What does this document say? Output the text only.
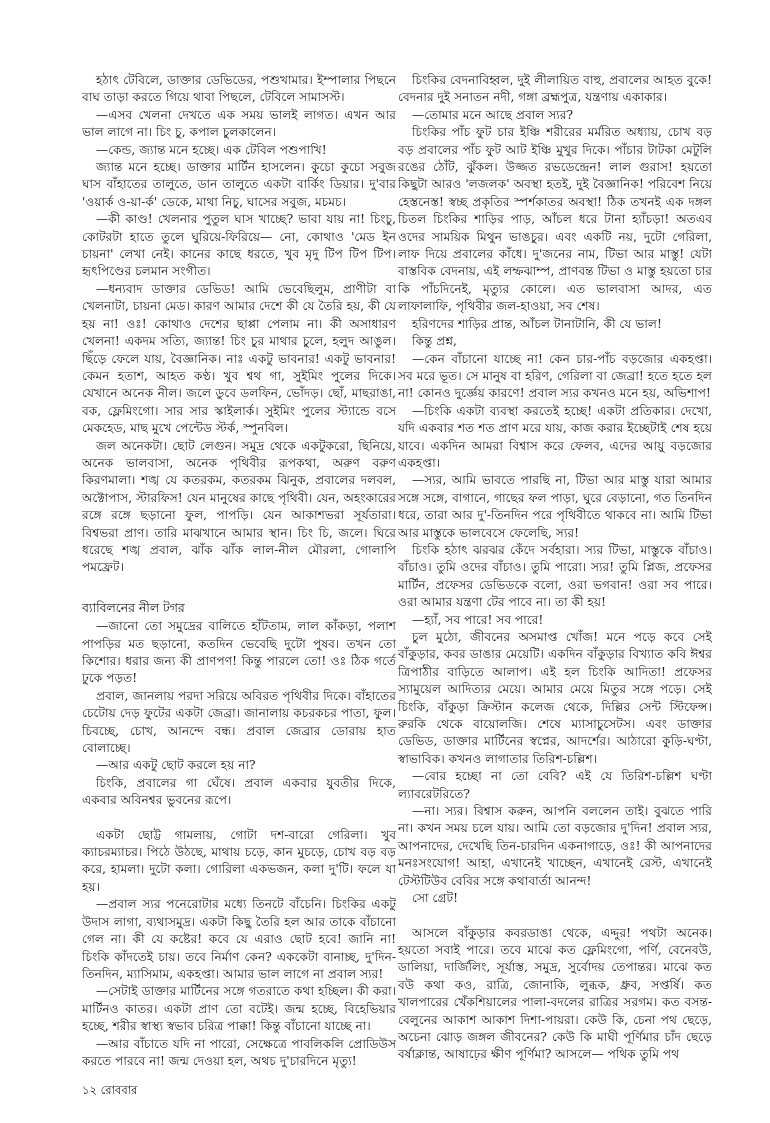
হঠাৎ টেবিলে, ডাক্তার ডেভিডের, পশুখামার। ইম্পালার পিছনে বাঘ তাড়া করতে গিয়ে থাবা পিছলে, টেবিলে সামাসস্ট।

—এসব খেলনা দেখতে এক সময় ভালই লাগত। এখন আর ভাল লাগে না। চিং চু, কপাল চুলকালেন।

—কেন্ড, জ্যান্ত মনে হচ্ছে। এক টেবিল পশুপাখি!

জ্যান্ত মনে হচ্ছে। ডাক্তার মার্টিন হাসলেন। কুচো কুচো সবুজ ঘাস বাঁহাতের তালুতে, ডান তালুতে একটা বার্কিং ডিয়ার। দু'বার 'ওয়ার্ক ও-য়া-র্ক' ডেকে, মাথা নিচু, ঘাসের সবুজ, মচমচ।

—কী কাণ্ড! খেলনার পুতুল ঘাস খাচ্ছে? ভাবা যায় না! চিংচু, কোটরটা হাতে তুলে ঘুরিয়ে-ফিরিয়ে— নো, কোথাও 'মেড ইন চায়না' লেখা নেই। কানের কাছে ধরতে, খুব মৃদু টিপ টিপ টিপ। হৃৎপিণ্ডের চলমান সংগীত।

—ধন্যবাদ ডাক্তার ডেভিড! আমি ভেবেছিলুম, প্রাণীটা বা খেলনাটা, চায়না মেড। কারণ আমার দেশে কী যে তৈরি হয়, কী যে হয় না! ওঃ! কোথাও দেশের ছাপ্পা পেলাম না। কী অসাধারণ খেলনা! একদম সত্যি, জ্যান্ত! চিং চুর মাথার চুলে, হলুদ আঙুল। ছিঁড়ে ফেলে যায়, বৈজ্ঞানিক। নাঃ একটু ভাবনার! একটু ভাবনার! কেমন হতাশ, আহত কণ্ঠ। খুব শ্বথ গা, সুইমিং পুলের দিকে। যেখানে অনেক নীল। জলে ডুবে ডলফিন, ভোঁদড়। ছোঁ, মাছরাঙা, বক, ফ্লেমিংগো। সার সার স্কাইলার্ক। সুইমিং পুলের স্ট্যান্ডে বসে মেকহেড, মাছ মুখে পেন্টেড স্টর্ক, স্পুনবিল।

জল অনেকটা। ছোট লেগুন। সমুদ্র থেকে একটুকরো, ছিনিয়ে, অনেক ভালবাসা, অনেক পৃথিবীর রূপকথা, অরুণ বরুণ কিরণমালা। শঙ্খ যে কতরকম, কতরকম ঝিনুক, প্রবালের দলবল, অক্টোপাস, স্টারফিস! যেন মানুষের কাছে পৃথিবী। যেন, অহংকারের রঙ্গে রঙ্গে ছড়ানো ফুল, পাপড়ি। যেন আকাশভরা সূর্যতারা। বিশ্বভরা প্রাণ। তারি মাঝখানে আমার স্থান। চিং চি, জলে। ঘিরে ধরেছে শঙ্খ প্রবাল, ঝাঁক ঝাঁক লাল-নীল মৌরলা, গোলাপি পমফ্রেট।

ব্যাবিলনের নীল টগর

—জানো তো সমুদ্রের বালিতে হাঁটতাম, লাল কাঁকড়া, পলাশ পাপড়ির মত ছড়ানো, কতদিন ভেবেছি দুটো পুষব। তখন তো কিশোর। ধরার জন্য কী প্রাণপণ! কিন্তু পারলে তো! ওঃ ঠিক গর্তে ঢুকে পড়ত!

প্রবাল, জানলায় পরদা সরিয়ে অবিরত পৃথিবীর দিকে। বাঁহাতের চেটোয় দেড় ফুটের একটা জেব্রা। জানালায় কচরকচর পাতা, ফুল। চিবচ্ছে, চোখ, আনন্দে বন্ধ। প্রবাল জেব্রার ডোরায় হাত বোলাচ্ছে।

—আর একটু ছোট করলে হয় না?

চিংকি, প্রবালের গা ঘেঁষে। প্রবাল একবার যুবতীর দিকে, একবার অবিনশ্বর ভুবনের রূপে।

একটা ছোট্ট গামলায়, গোটা দশ-বারো গেরিলা। খুব ক্যাচরম্যাচর। পিঠে উঠছে, মাথায় চড়ে, কান মুচড়ে, চোখ বড় বড় করে, হামলা। দুটো কলা। গোরিলা একভজন, কলা দু'টি। ফলে যা হয়।

—প্রবাল স্যর পনেরোটার মধ্যে তিনটে বাঁচেনি। চিংকির একটু উদাস লাগা, ব্যথাসমুদ্র। একটা কিছু তৈরি হল আর তাকে বাঁচানো গেল না। কী যে কষ্টের! কবে যে এরাও ছোট হবে! জানি না! চিংকি কাঁদতেই চায়। তবে নির্মাণ কেন? এককেটা বানাচ্ছ, দু'দিন-তিনদিন, ম্যাসিমাম, একহপ্তা। আমার ভাল লাগে না প্রবাল স্যর!

—সেটাই ডাক্তার মার্টিনের সঙ্গে গতরাতে কথা হচ্ছিল। কী করা। মার্টিনও কাতর। একটা প্রাণ তো বটেই। জন্ম হচ্ছে, বিহেভিয়ার হচ্ছে, শরীর স্বাস্থ্য স্বভাব চরিত্র পাক্কা! কিন্তু বাঁচানো যাচ্ছে না।

—আর বাঁচাতে যদি না পারো, সেক্ষেত্রে পাবলিকলি প্রোডিউস করতে পারবে না! জন্ম দেওয়া হল, অথচ দু'চারদিনে মৃত্যু!

চিংকির বেদনাবিহ্বল, দুই লীলায়িত বাহু, প্রবালের আহত বুকে! বেদনার দুই সনাতন নদী, গঙ্গা ব্রহ্মপুত্র, যন্ত্রণায় একাকার।

—তোমার মনে আছে প্রবাল স্যর?

চিংকির পাঁচ ফুট চার ইঞ্চি শরীরের মর্মরিত অধ্যায়, চোখ বড় বড় প্রবালের পাঁচ ফুট আট ইঞ্চি মুখুর দিকে। পাঁচার টাটকা মেটুলি রঙের ঠোঁট, ঝুঁকল। উজ্জত রভডেন্দ্রেন! লাল গুরাস! হয়তো কিছুটা আরও 'লজলক' অবস্থা হতই, দুই বৈজ্ঞানিক! পরিবেশ নিয়ে হেস্তনেস্ত! স্বচ্ছ প্রকৃতির স্পর্শকাতর অবস্থা! ঠিক তখনই এক দঙ্গল চিতল চিংকির শাড়ির পাড়, আঁচল ধরে টানা হ্যাঁচড়া! অতএব ওদের সাময়িক মিথুন ভাঙচুর। এবং একটি নয়, দুটো গেরিলা, লাফ দিয়ে প্রবালের কাঁধে। দু'জনের নাম, টিভা আর মাস্তু! যেটা বাস্তবিক বেদনায়, এই লম্ফঝাম্প, প্রাণবন্ত টিভা ও মাস্তু হয়তো চার কি পাঁচদিনেই, মৃত্যুর কোলে। এত ভালবাসা আদর, এত লাফালাফি, পৃথিবীর জল-হাওয়া, সব শেষ।

হরিণদের শাড়ির প্রান্ত, আঁচল টানাটানি, কী যে ভাল!

কিন্তু প্রশ্ন,

—কেন বাঁচানো যাচ্ছে না! কেন চার-পাঁচ বড়জোর একহপ্তা। সব মরে ভূত। সে মানুষ বা হরিণ, গেরিলা বা জেব্রা! হতে হতে হল না! কোনও দুর্জ্ঞেয় কারণে! প্রবাল স্যর কখনও মনে হয়, অভিশাপ!

—চিংকি একটা ব্যবস্থা করতেই হচ্ছে! একটা প্রতিকার। দেখো, যদি একবার শত শত প্রাণ মরে যায়, কাজ করার ইচ্ছেটাই শেষ হয়ে যাবে। একদিন আমরা বিশ্বাস করে ফেলব, এদের আয়ু বড়জোর একহপ্তা।

—স্যর, আমি ভাবতে পারছি না, টিভা আর মাস্তু যারা আমার সঙ্গে সঙ্গে, বাগানে, গাছের ফল পাড়া, ঘুরে বেড়ানো, গত তিনদিন ধরে, তারা আর দু'-তিনদিন পরে পৃথিবীতে থাকবে না। আমি টিভা আর মাস্তুকে ভালবেসে ফেলেছি, স্যর!

চিংকি হঠাৎ ঝরঝর কেঁদে সর্বহারা। স্যর টিভা, মাস্তুকে বাঁচাও। বাঁচাও। তুমি ওদের বাঁচাও। তুমি পারো। স্যর! তুমি প্লিজ, প্রফেসর মার্টিন, প্রফেসর ডেভিডকে বলো, ওরা ভগবান! ওরা সব পারে। ওরা আমার যন্ত্রণা টের পাবে না। তা কী হয়!

—হ্যাঁ, সব পারে! সব পারে!

চুল মুঠো, জীবনের অসমাপ্ত খোঁজ! মনে পড়ে কবে সেই বাঁকুড়ার, কবর ডাঙার মেয়েটি। একদিন বাঁকুড়ার বিখ্যাত কবি ঈশ্বর ত্রিপাঠীর বাড়িতে আলাপ। এই হল চিংকি আদিতা! প্রফেসর স্যামুয়েল আদিত্যর মেয়ে। আমার মেয়ে মিতুর সঙ্গে পড়ে। সেই চিংকি, বাঁকুড়া ক্রিস্টান কলেজ থেকে, দিল্লির সেন্ট স্টিফেন্স। রুরকি থেকে বায়োলজি। শেষে ম্যাসাচুসেটস। এবং ডাক্তার ডেভিড, ডাক্তার মার্টিনের স্বপ্নের, আদর্শের। আঠারো কুড়ি-ঘণ্টা, স্বাভাবিক। কখনও লাগাতার তিরিশ-চল্লিশ।

—বোর হচ্ছো না তো বেবি? এই যে তিরিশ-চল্লিশ ঘণ্টা ল্যাবরেটরিতে?

—না। স্যর। বিশ্বাস করুন, আপনি বললেন তাই। বুঝতে পারি না। কখন সময় চলে যায়। আমি তো বড়জোর দু'দিন! প্রবাল স্যর, আপনাদের, দেখেছি তিন-চারদিন একনাগাড়ে, ওঃ! কী আপনাদের মনঃসংযোগ! আহা, এখানেই খাচ্ছেন, এখানেই রেস্ট, এখানেই টেস্টটিউব বেবির সঙ্গে কথাবার্তা আনন্দ!

সো গ্রেট!

আসলে বাঁকুড়ার কবরডাঙা থেকে, এদ্দুর! পথটা অনেক। হয়তো সবাই পারে। তবে মাঝে কত ফ্লেমিংগো, পর্ণি, বেনেবউ, ডালিয়া, দার্জিলিং, সূর্যাস্ত, সমুদ্র, সুর্বোদয় তেপান্তর। মাঝে কত বউ কথা কও, রাত্রি, জোনাকি, লুব্ধক, ধ্রুব, সপ্তর্ষি। কত খালপারের খেঁকশিয়ালের পালা-বদলের রাত্রির সরগম। কত বসন্ত-বেলুনের আকাশ আকাশ দিশা-পায়রা। কেউ কি, চেনা পথ ছেড়ে, অচেনা ঝোড় জঙ্গল জীবনের? কেউ কি মাঘী পূর্ণিমার চাঁদ ছেড়ে বর্ষাক্লান্ত, আষাঢ়ের ক্ষীণ পূর্ণিমা? আসলে— পথিক তুমি পথ

১২ রোববার
